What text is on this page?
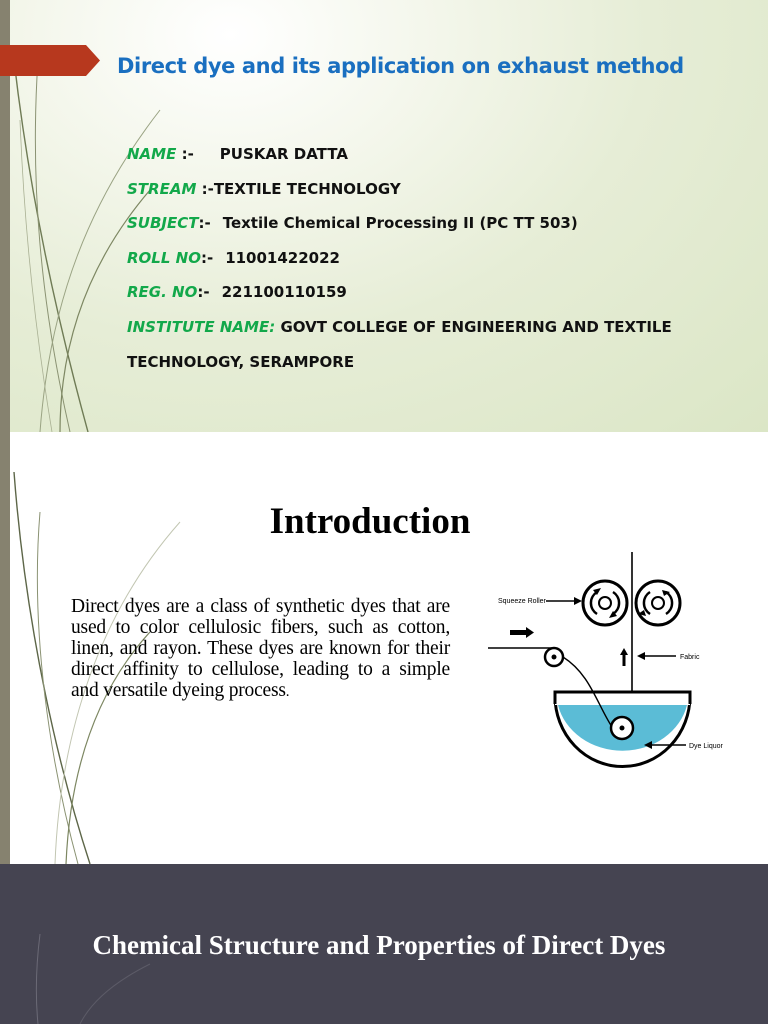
Direct dye and its application on exhaust method
NAME :- PUSKAR DATTA
STREAM :-TEXTILE TECHNOLOGY
SUBJECT:- Textile Chemical Processing II (PC TT 503)
ROLL NO:- 11001422022
REG. NO:- 221100110159
INSTITUTE NAME: GOVT COLLEGE OF ENGINEERING AND TEXTILE
TECHNOLOGY, SERAMPORE
Introduction

Direct dyes are a class of synthetic dyes that are used to color cellulosic fibers, such as cotton, linen, and rayon. These dyes are known for their direct affinity to cellulose, leading to a simple and versatile dyeing process.

Squeeze Roller
Fabric
Dye Liquor
Chemical Structure and Properties of Direct Dyes
